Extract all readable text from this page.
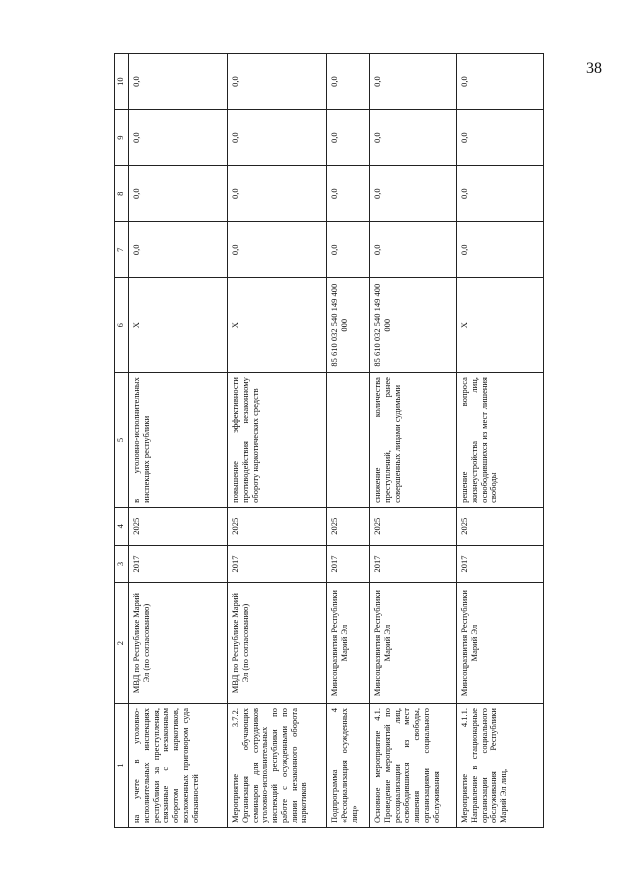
38
1	2	3	4	5	6	7	8	9	10
на учете в уголовно-исполнительных инспекциях республики за преступления, связанные с незаконным оборотом наркотиков, возложенных приговором суда обязанностей	МВД по Республике Марий Эл (по согласованию)	2017	2025	в уголовно-исполнительных инспекциях республики	X	0,0	0,0	0,0	0,0
Мероприятие 3.7.2. Организация обучающих семинаров для сотрудников уголовно-исполнительных инспекций республики по работе с осужденными по линии незаконного оборота наркотиков	МВД по Республике Марий Эл (по согласованию)	2017	2025	повышение эффективности противодействия незаконному обороту наркотических средств	X	0,0	0,0	0,0	0,0
Подпрограмма 4 «Ресоциализация осужденных лиц»	Минсоцразвития Республики Марий Эл	2017	2025		85 610 032 540 149 400 000	0,0	0,0	0,0	0,0
Основное мероприятие 4.1. Проведение мероприятий по ресоциализации лиц, освободившихся из мест лишения свободы, организациями социального обслуживания	Минсоцразвития Республики Марий Эл	2017	2025	снижение количества преступлений, ранее совершенных лицами судимыми	85 610 032 540 149 400 000	0,0	0,0	0,0	0,0
Мероприятие 4.1.1. Направление в стационарные организации социального обслуживания Республики Марий Эл лиц,	Минсоцразвития Республики Марий Эл	2017	2025	решение вопроса жизнеустройства лиц, освободившихся из мест лишения свободы	X	0,0	0,0	0,0	0,0
